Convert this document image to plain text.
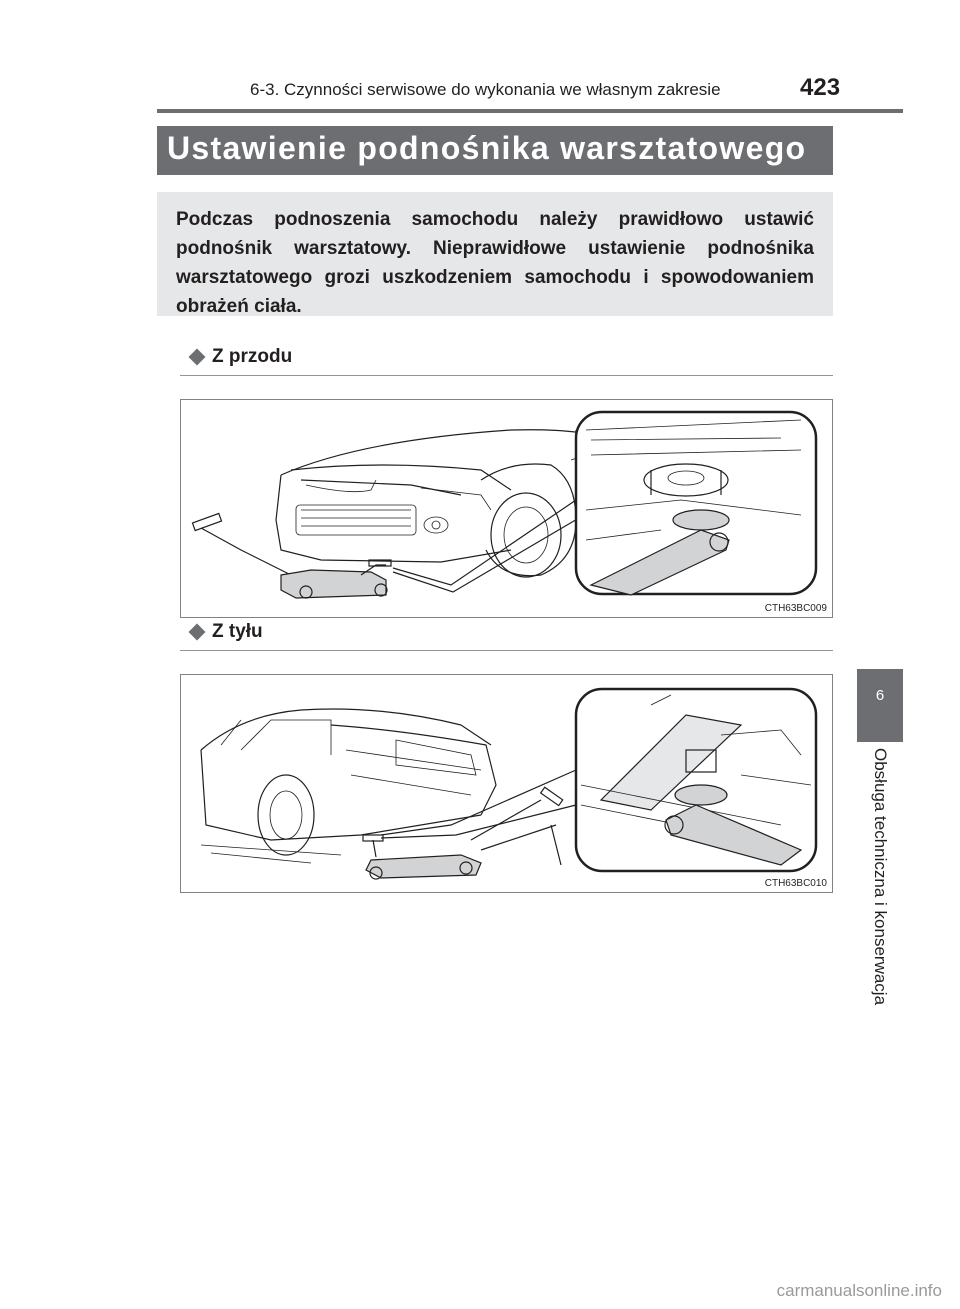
6-3. Czynności serwisowe do wykonania we własnym zakresie	423
Ustawienie podnośnika warsztatowego
Podczas podnoszenia samochodu należy prawidłowo ustawić podnośnik warsztatowy. Nieprawidłowe ustawienie podnośnika warsztatowego grozi uszkodzeniem samochodu i spowodowaniem obrażeń ciała.
Z przodu
CTH63BC009
Z tyłu
CTH63BC010
6
Obsługa techniczna i konserwacja
carmanualsonline.info
